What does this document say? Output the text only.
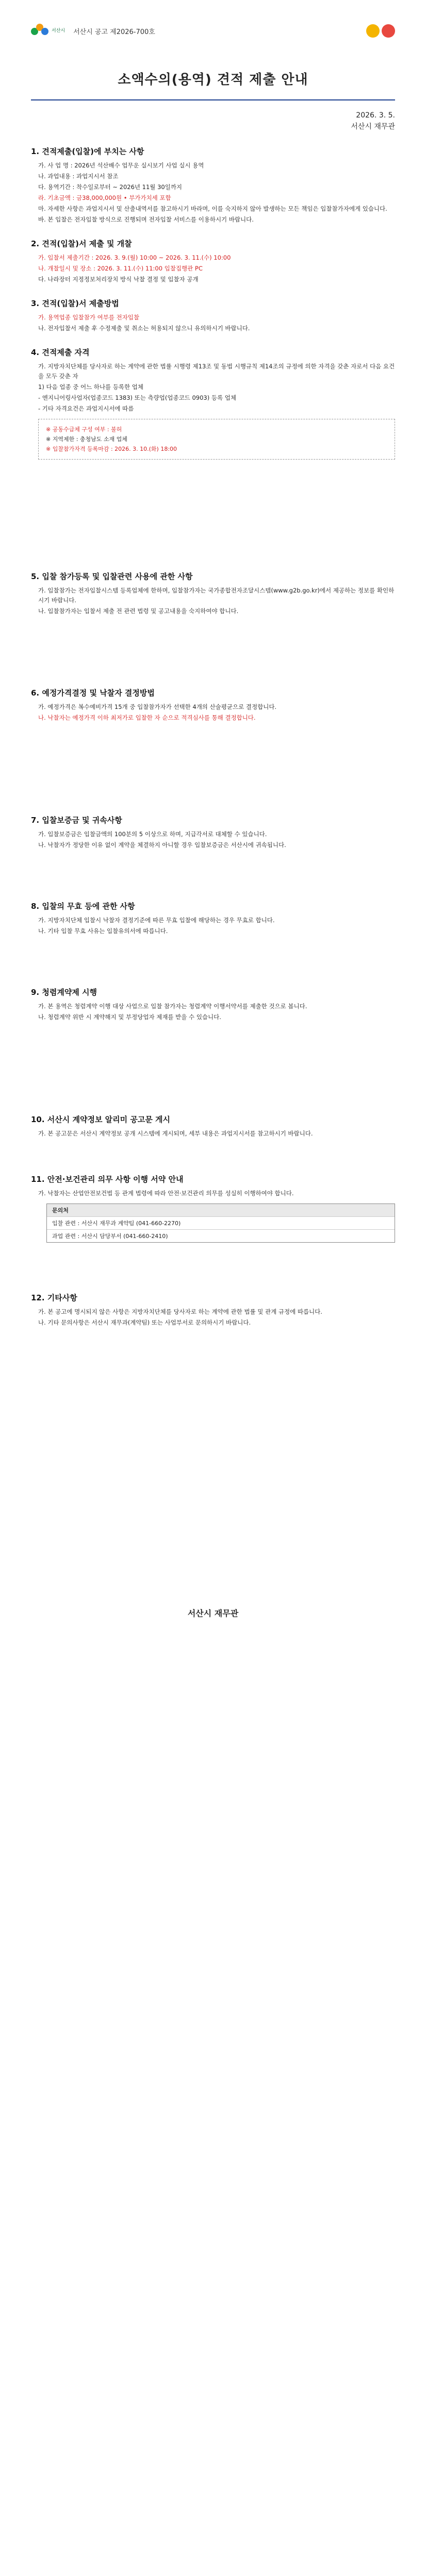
서산시 서산시 공고 제2026-700호
소액수의(용역) 견적 제출 안내
2026. 3. 5.
서산시 재무관
1. 견적제출(입찰)에 부치는 사항

가. 사 업 명 : 2026년 석산배수 업무운 실시보기 사업 실시 용역

나. 과업내용 : 과업지시서 참조

다. 용역기간 : 착수일로부터 ~ 2026년 11월 30일까지

라. 기초금액 : 금38,000,000원 • 부가가치세 포함

마. 자세한 사항은 과업지시서 및 산출내역서를 참고하시기 바라며, 이를 숙지하지 않아 발생하는 모든 책임은 입찰참가자에게 있습니다.

바. 본 입찰은 전자입찰 방식으로 진행되며 전자입찰 서비스를 이용하시기 바랍니다.

2. 견적(입찰)서 제출 및 개찰

가. 입찰서 제출기간 : 2026. 3. 9.(월) 10:00 ~ 2026. 3. 11.(수) 10:00

나. 개찰일시 및 장소 : 2026. 3. 11.(수) 11:00 입찰집행관 PC

다. 나라장터 지정정보처리장치 방식 낙찰 결정 및 입찰자 공개

3. 견적(입찰)서 제출방법

가. 용역업종 입찰참가 여부를 전자입찰

나. 전자입찰서 제출 후 수정제출 및 취소는 허용되지 않으니 유의하시기 바랍니다.

4. 견적제출 자격

가. 지방자치단체를 당사자로 하는 계약에 관한 법률 시행령 제13조 및 동법 시행규칙 제14조의 규정에 의한 자격을 갖춘 자로서 다음 요건을 모두 갖춘 자

1) 다음 업종 중 어느 하나를 등록한 업체

- 엔지니어링사업자(업종코드 1383) 또는 측량업(업종코드 0903) 등록 업체

- 기타 자격요건은 과업지시서에 따름

※ 공동수급체 구성 여부 : 불허

※ 지역제한 : 충청남도 소재 업체

※ 입찰참가자격 등록마감 : 2026. 3. 10.(화) 18:00

5. 입찰 참가등록 및 입찰관련 사용에 관한 사항

가. 입찰참가는 전자입찰시스템 등록업체에 한하며, 입찰참가자는 국가종합전자조달시스템(www.g2b.go.kr)에서 제공하는 정보를 확인하시기 바랍니다.

나. 입찰참가자는 입찰서 제출 전 관련 법령 및 공고내용을 숙지하여야 합니다.

6. 예정가격결정 및 낙찰자 결정방법

가. 예정가격은 복수예비가격 15개 중 입찰참가자가 선택한 4개의 산술평균으로 결정합니다.

나. 낙찰자는 예정가격 이하 최저가로 입찰한 자 순으로 적격심사를 통해 결정합니다.

7. 입찰보증금 및 귀속사항

가. 입찰보증금은 입찰금액의 100분의 5 이상으로 하며, 지급각서로 대체할 수 있습니다.

나. 낙찰자가 정당한 이유 없이 계약을 체결하지 아니할 경우 입찰보증금은 서산시에 귀속됩니다.

8. 입찰의 무효 등에 관한 사항

가. 지방자치단체 입찰시 낙찰자 결정기준에 따른 무효 입찰에 해당하는 경우 무효로 합니다.

나. 기타 입찰 무효 사유는 입찰유의서에 따릅니다.

9. 청렴계약제 시행

가. 본 용역은 청렴계약 이행 대상 사업으로 입찰 참가자는 청렴계약 이행서약서를 제출한 것으로 봅니다.

나. 청렴계약 위반 시 계약해지 및 부정당업자 제재를 받을 수 있습니다.

10. 서산시 계약정보 알리미 공고문 게시

가. 본 공고문은 서산시 계약정보 공개 시스템에 게시되며, 세부 내용은 과업지시서를 참고하시기 바랍니다.

11. 안전·보건관리 의무 사항 이행 서약 안내

가. 낙찰자는 산업안전보건법 등 관계 법령에 따라 안전·보건관리 의무를 성실히 이행하여야 합니다.

문의처
입찰 관련 : 서산시 재무과 계약팀 (041-660-2270)
과업 관련 : 서산시 담당부서 (041-660-2410)
12. 기타사항

가. 본 공고에 명시되지 않은 사항은 지방자치단체를 당사자로 하는 계약에 관한 법률 및 관계 규정에 따릅니다.

나. 기타 문의사항은 서산시 재무과(계약팀) 또는 사업부서로 문의하시기 바랍니다.

서산시 재무관
